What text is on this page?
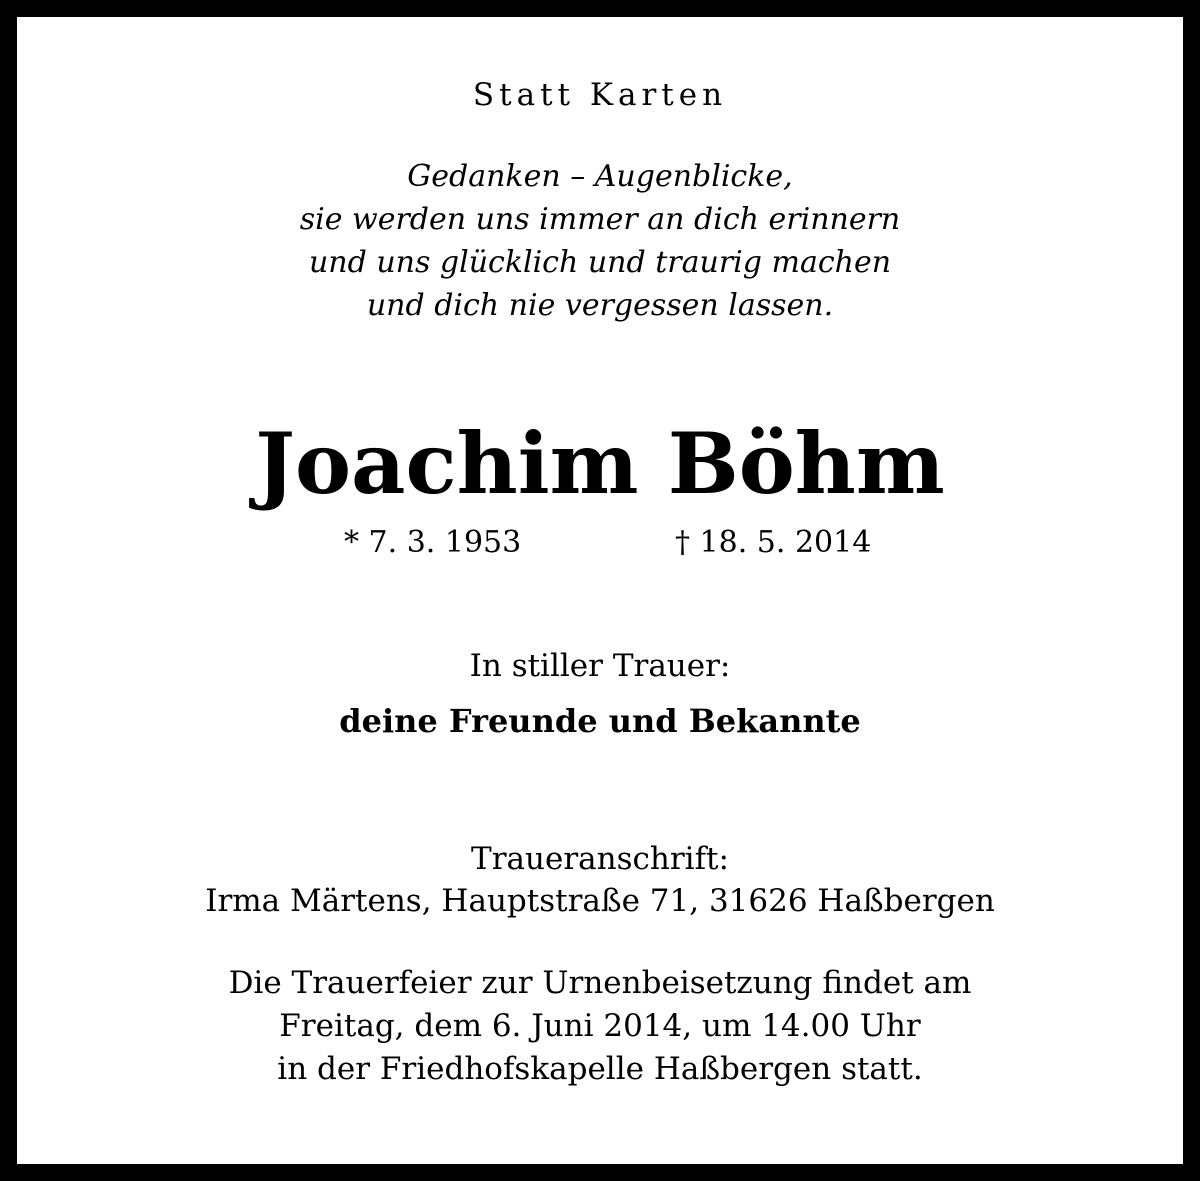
Statt Karten
Gedanken – Augenblicke,
sie werden uns immer an dich erinnern
und uns glücklich und traurig machen
und dich nie vergessen lassen.
Joachim Böhm
* 7. 3. 1953	† 18. 5. 2014
In stiller Trauer:
deine Freunde und Bekannte
Traueranschrift:
Irma Märtens, Hauptstraße 71, 31626 Haßbergen
Die Trauerfeier zur Urnenbeisetzung findet am
Freitag, dem 6. Juni 2014, um 14.00 Uhr
in der Friedhofskapelle Haßbergen statt.
